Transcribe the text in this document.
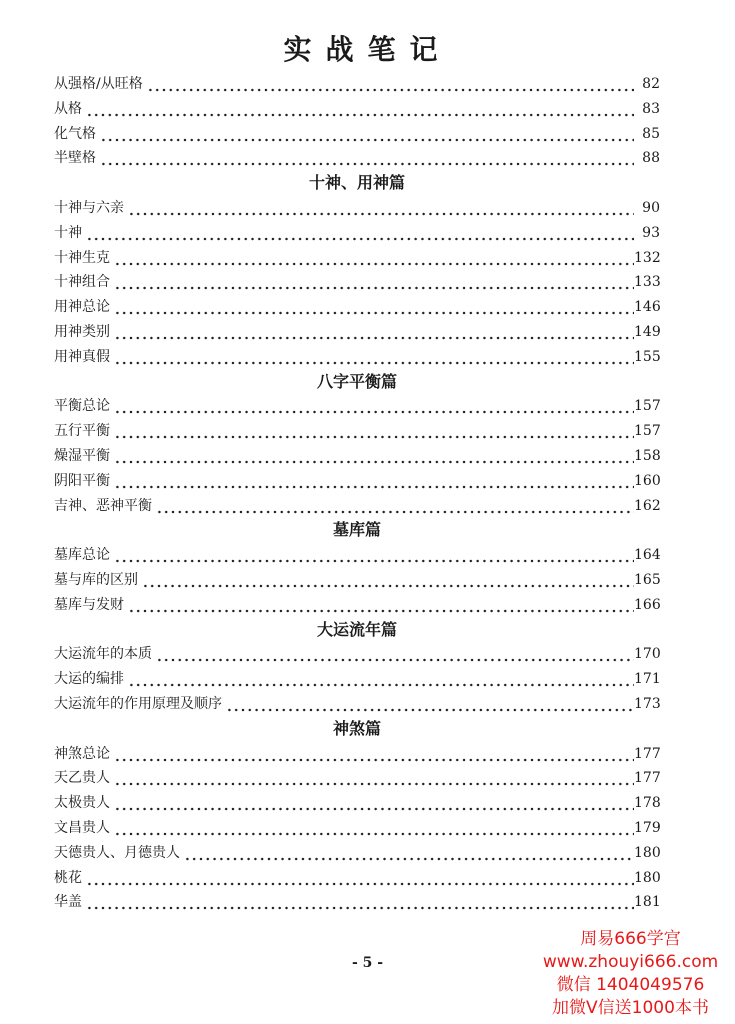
实战笔记
从强格/从旺格	82
从格	83
化气格	85
半壁格	88
十神、用神篇
十神与六亲	90
十神	93
十神生克	132
十神组合	133
用神总论	146
用神类别	149
用神真假	155
八字平衡篇
平衡总论	157
五行平衡	157
燥湿平衡	158
阴阳平衡	160
吉神、恶神平衡	162
墓库篇
墓库总论	164
墓与库的区别	165
墓库与发财	166
大运流年篇
大运流年的本质	170
大运的编排	171
大运流年的作用原理及顺序	173
神煞篇
神煞总论	177
天乙贵人	177
太极贵人	178
文昌贵人	179
天德贵人、月德贵人	180
桃花	180
华盖	181
- 5 -
周易666学宫
www.zhouyi666.com
微信 1404049576
加微V信送1000本书
